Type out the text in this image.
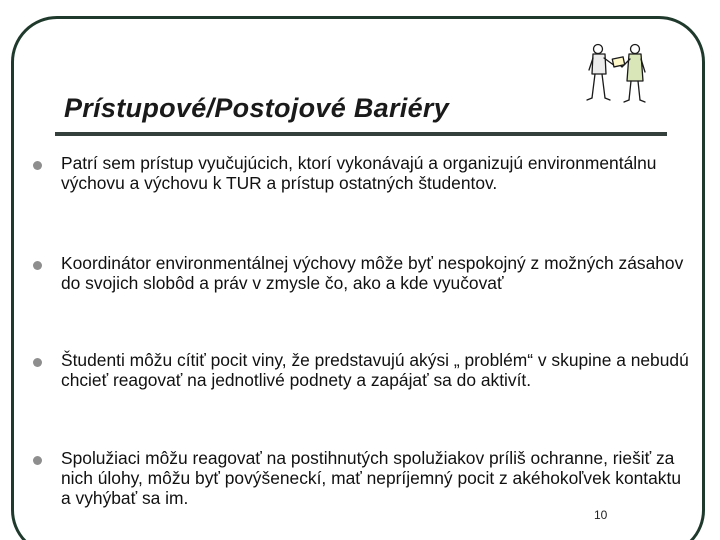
Prístupové/Postojové Bariéry
Patrí sem prístup vyučujúcich, ktorí vykonávajú a organizujú environmentálnu výchovu a výchovu k TUR a prístup ostatných študentov.
Koordinátor environmentálnej výchovy môže byť nespokojný z možných zásahov do svojich slobôd a práv v zmysle čo, ako a kde vyučovať
Študenti môžu cítiť pocit viny, že predstavujú akýsi „ problém“ v skupine a nebudú chcieť reagovať na jednotlivé podnety a zapájať sa do aktivít.
Spolužiaci môžu reagovať na postihnutých spolužiakov príliš ochranne, riešiť za nich úlohy, môžu byť povýšeneckí, mať nepríjemný pocit z akéhokoľvek kontaktu a vyhýbať sa im.
10
